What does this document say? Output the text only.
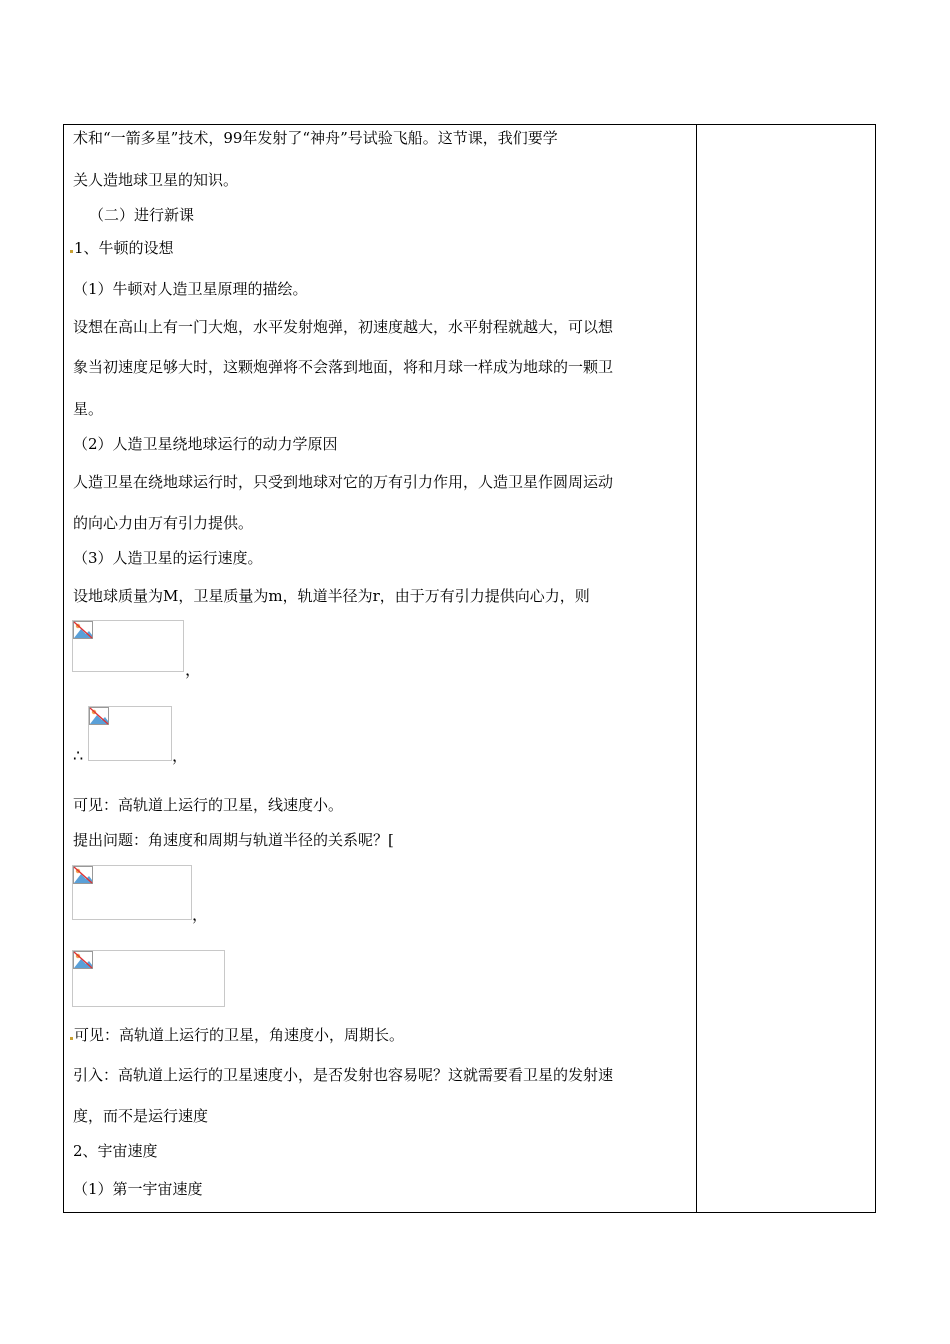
术和“一箭多星”技术，99年发射了“神舟”号试验飞船。这节课，我们要学
关人造地球卫星的知识。
（二）进行新课
1、牛顿的设想
（1）牛顿对人造卫星原理的描绘。
设想在高山上有一门大炮，水平发射炮弹，初速度越大，水平射程就越大，可以想
象当初速度足够大时，这颗炮弹将不会落到地面，将和月球一样成为地球的一颗卫
星。
（2）人造卫星绕地球运行的动力学原因
人造卫星在绕地球运行时，只受到地球对它的万有引力作用，人造卫星作圆周运动
的向心力由万有引力提供。
（3）人造卫星的运行速度。
设地球质量为M，卫星质量为m，轨道半径为r，由于万有引力提供向心力，则
，
∴	，
可见：高轨道上运行的卫星，线速度小。
提出问题：角速度和周期与轨道半径的关系呢？[
，
可见：高轨道上运行的卫星，角速度小，周期长。
引入：高轨道上运行的卫星速度小，是否发射也容易呢？这就需要看卫星的发射速
度，而不是运行速度
2、宇宙速度
（1）第一宇宙速度
